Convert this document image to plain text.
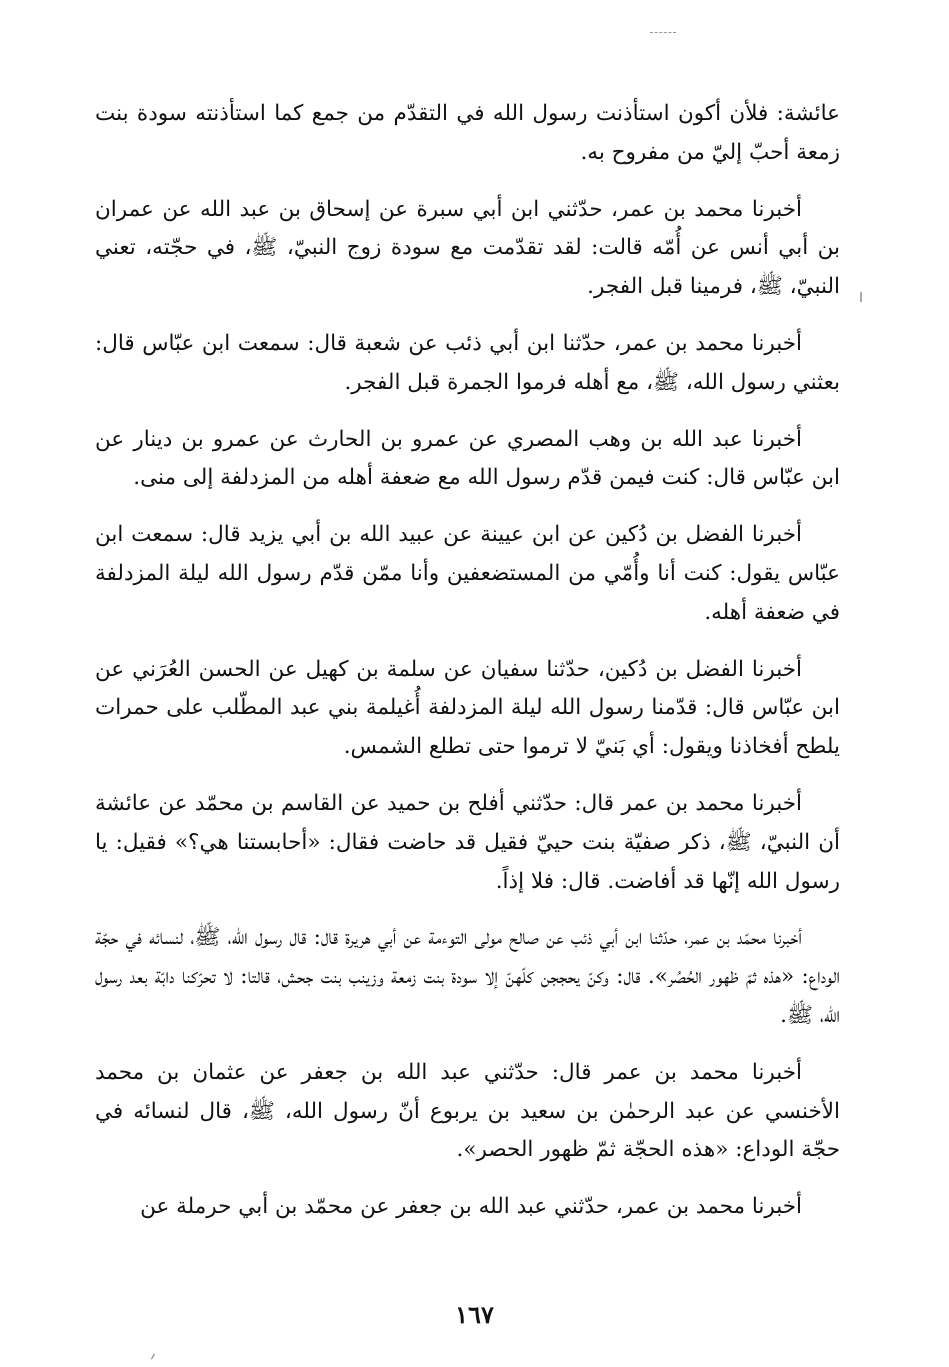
عائشة: فلأن أكون استأذنت رسول الله في التقدّم من جمع كما استأذنته سودة بنت زمعة أحبّ إليّ من مفروح به.

أخبرنا محمد بن عمر، حدّثني ابن أبي سبرة عن إسحاق بن عبد الله عن عمران بن أبي أنس عن أُمّه قالت: لقد تقدّمت مع سودة زوج النبيّ، ﷺ، في حجّته، تعني النبيّ، ﷺ، فرمينا قبل الفجر.

أخبرنا محمد بن عمر، حدّثنا ابن أبي ذئب عن شعبة قال: سمعت ابن عبّاس قال: بعثني رسول الله، ﷺ، مع أهله فرموا الجمرة قبل الفجر.

أخبرنا عبد الله بن وهب المصري عن عمرو بن الحارث عن عمرو بن دينار عن ابن عبّاس قال: كنت فيمن قدّم رسول الله مع ضعفة أهله من المزدلفة إلى منى.

أخبرنا الفضل بن دُكين عن ابن عيينة عن عبيد الله بن أبي يزيد قال: سمعت ابن عبّاس يقول: كنت أنا وأُمّي من المستضعفين وأنا ممّن قدّم رسول الله ليلة المزدلفة في ضعفة أهله.

أخبرنا الفضل بن دُكين، حدّثنا سفيان عن سلمة بن كهيل عن الحسن العُرَني عن ابن عبّاس قال: قدّمنا رسول الله ليلة المزدلفة أُغيلمة بني عبد المطّلب على حمرات يلطح أفخاذنا ويقول: أي بَنيّ لا ترموا حتى تطلع الشمس.

أخبرنا محمد بن عمر قال: حدّثني أفلح بن حميد عن القاسم بن محمّد عن عائشة أن النبيّ، ﷺ، ذكر صفيّة بنت حييّ فقيل قد حاضت فقال: «أحابستنا هي؟» فقيل: يا رسول الله إنّها قد أفاضت. قال: فلا إذاً.

أخبرنا محمّد بن عمر، حدّثنا ابن أبي ذئب عن صالح مولى التوءمة عن أبي هريرة قال: قال رسول الله، ﷺ، لنسائه في حجّة الوداع: «هذه ثمّ ظهور الحُصُر». قال: وكنّ يحججن كلّهنّ إلا سودة بنت زمعة وزينب بنت جحش، قالتا: لا تحرّكنا دابّة بعد رسول الله، ﷺ.

أخبرنا محمد بن عمر قال: حدّثني عبد الله بن جعفر عن عثمان بن محمد الأخنسي عن عبد الرحمٰن بن سعيد بن يربوع أنّ رسول الله، ﷺ، قال لنسائه في حجّة الوداع: «هذه الحجّة ثمّ ظهور الحصر».

أخبرنا محمد بن عمر، حدّثني عبد الله بن جعفر عن محمّد بن أبي حرملة عن

١٦٧
